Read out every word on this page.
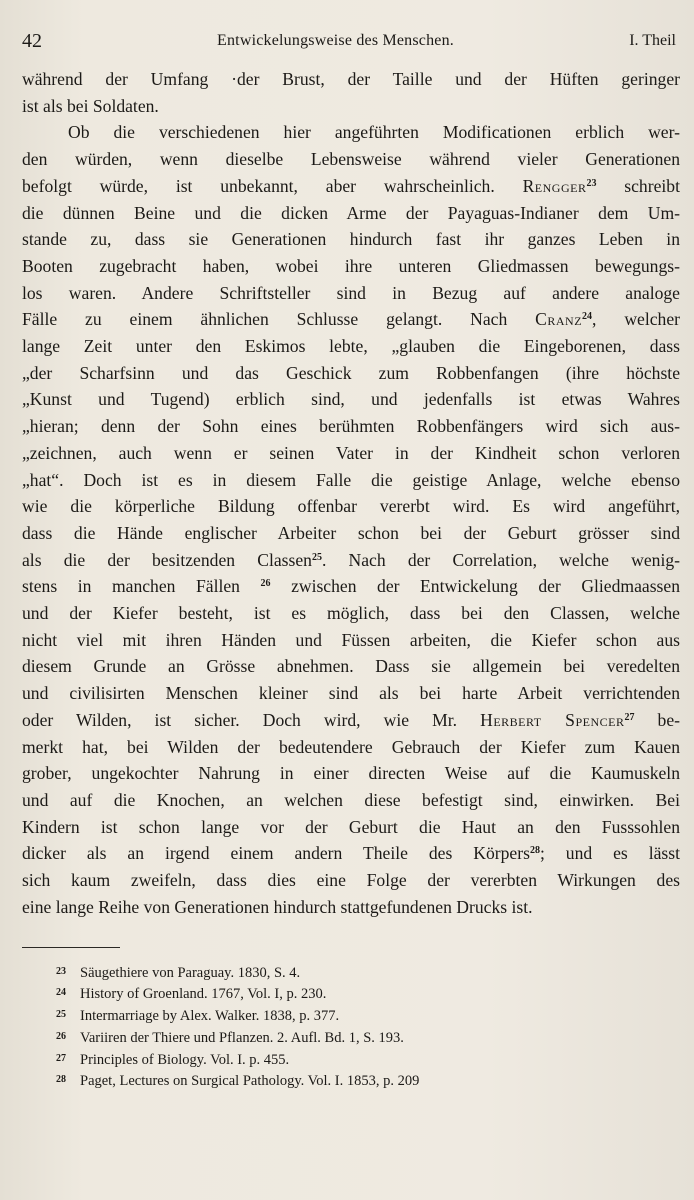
42	Entwickelungsweise des Menschen.	I. Theil
während der Umfang ·der Brust, der Taille und der Hüften geringer
ist als bei Soldaten.
Ob die verschiedenen hier angeführten Modificationen erblich wer-
den würden, wenn dieselbe Lebensweise während vieler Generationen
befolgt würde, ist unbekannt, aber wahrscheinlich. Rengger$^{23}$ schreibt
die dünnen Beine und die dicken Arme der Payaguas-Indianer dem Um-
stande zu, dass sie Generationen hindurch fast ihr ganzes Leben in
Booten zugebracht haben, wobei ihre unteren Gliedmassen bewegungs-
los waren. Andere Schriftsteller sind in Bezug auf andere analoge
Fälle zu einem ähnlichen Schlusse gelangt. Nach Cranz$^{24}$, welcher
lange Zeit unter den Eskimos lebte, „glauben die Eingeborenen, dass
„der Scharfsinn und das Geschick zum Robbenfangen (ihre höchste
„Kunst und Tugend) erblich sind, und jedenfalls ist etwas Wahres
„hieran; denn der Sohn eines berühmten Robbenfängers wird sich aus-
„zeichnen, auch wenn er seinen Vater in der Kindheit schon verloren
„hat“. Doch ist es in diesem Falle die geistige Anlage, welche ebenso
wie die körperliche Bildung offenbar vererbt wird. Es wird angeführt,
dass die Hände englischer Arbeiter schon bei der Geburt grösser sind
als die der besitzenden Classen$^{25}$. Nach der Correlation, welche wenig-
stens in manchen Fällen $^{26}$ zwischen der Entwickelung der Gliedmaassen
und der Kiefer besteht, ist es möglich, dass bei den Classen, welche
nicht viel mit ihren Händen und Füssen arbeiten, die Kiefer schon aus
diesem Grunde an Grösse abnehmen. Dass sie allgemein bei veredelten
und civilisirten Menschen kleiner sind als bei harte Arbeit verrichtenden
oder Wilden, ist sicher. Doch wird, wie Mr. Herbert Spencer$^{27}$ be-
merkt hat, bei Wilden der bedeutendere Gebrauch der Kiefer zum Kauen
grober, ungekochter Nahrung in einer directen Weise auf die Kaumuskeln
und auf die Knochen, an welchen diese befestigt sind, einwirken. Bei
Kindern ist schon lange vor der Geburt die Haut an den Fusssohlen
dicker als an irgend einem andern Theile des Körpers$^{28}$; und es lässt
sich kaum zweifeln, dass dies eine Folge der vererbten Wirkungen des
eine lange Reihe von Generationen hindurch stattgefundenen Drucks ist.
23 Säugethiere von Paraguay. 1830, S. 4.
24 History of Groenland. 1767, Vol. I, p. 230.
25 Intermarriage by Alex. Walker. 1838, p. 377.
26 Variiren der Thiere und Pflanzen. 2. Aufl. Bd. 1, S. 193.
27 Principles of Biology. Vol. I. p. 455.
28 Paget, Lectures on Surgical Pathology. Vol. I. 1853, p. 209
